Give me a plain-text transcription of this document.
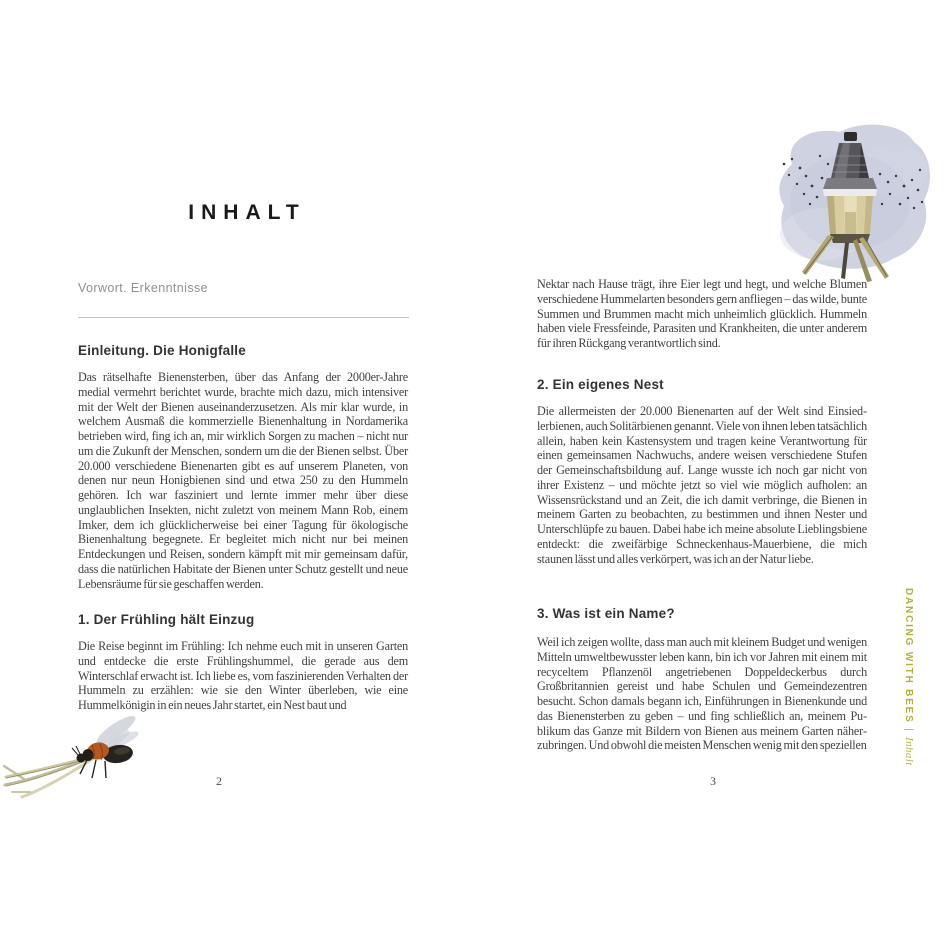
INHALT
Vorwort. Erkenntnisse
Einleitung. Die Honigfalle
Das rätselhafte Bienensterben, über das Anfang der 2000er-Jahre medial vermehrt berichtet wurde, brachte mich dazu, mich intensiver mit der Welt der Bienen auseinanderzusetzen. Als mir klar wurde, in welchem Ausmaß die kommerzielle Bienenhaltung in Nordamerika betrieben wird, fing ich an, mir wirklich Sorgen zu machen – nicht nur um die Zukunft der Menschen, sondern um die der Bienen selbst. Über 20.000 verschiedene Bienenarten gibt es auf unserem Planeten, von denen nur neun Honigbienen sind und etwa 250 zu den Hummeln gehören. Ich war fasziniert und lernte immer mehr über diese unglaublichen Insekten, nicht zuletzt von meinem Mann Rob, einem Imker, dem ich glücklicherweise bei einer Tagung für ökologische Bienenhaltung begegnete. Er begleitet mich nicht nur bei meinen Entdeckungen und Reisen, sondern kämpft mit mir gemeinsam dafür, dass die natürlichen Habitate der Bienen unter Schutz gestellt und neue Lebensräume für sie geschaffen werden.
1. Der Frühling hält Einzug
Die Reise beginnt im Frühling: Ich nehme euch mit in unseren Garten und entdecke die erste Frühlingshummel, die gerade aus dem Winterschlaf erwacht ist. Ich liebe es, vom faszinierenden Verhalten der Hummeln zu erzählen: wie sie den Winter überleben, wie eine Hummelkönigin in ein neues Jahr startet, ein Nest baut und
2
Nektar nach Hause trägt, ihre Eier legt und hegt, und welche Blumen verschiedene Hummelarten besonders gern anfliegen – das wilde, bunte Summen und Brummen macht mich unheimlich glücklich. Hummeln haben viele Fressfeinde, Parasiten und Krankheiten, die unter anderem für ihren Rückgang verantwortlich sind.
2. Ein eigenes Nest
Die allermeisten der 20.000 Bienenarten auf der Welt sind Einsiedlerbienen, auch Solitärbienen genannt. Viele von ihnen leben tatsächlich allein, haben kein Kastensystem und tragen keine Verantwortung für einen gemeinsamen Nachwuchs, andere weisen verschiedene Stufen der Gemeinschaftsbildung auf. Lange wusste ich noch gar nicht von ihrer Existenz – und möchte jetzt so viel wie möglich aufholen: an Wissensrückstand und an Zeit, die ich damit verbringe, die Bienen in meinem Garten zu beobachten, zu bestimmen und ihnen Nester und Unterschlüpfe zu bauen. Dabei habe ich meine absolute Lieblingsbiene entdeckt: die zweifärbige Schneckenhaus-Mauerbiene, die mich staunen lässt und alles verkörpert, was ich an der Natur liebe.
3. Was ist ein Name?
Weil ich zeigen wollte, dass man auch mit kleinem Budget und wenigen Mitteln umweltbewusster leben kann, bin ich vor Jahren mit einem mit recyceltem Pflanzenöl angetriebenen Doppeldeckerbus durch Großbritannien gereist und habe Schulen und Gemeindezentren besucht. Schon damals begann ich, Einführungen in Bienenkunde und das Bienensterben zu geben – und fing schließlich an, meinem Publikum das Ganze mit Bildern von Bienen aus meinem Garten näherzubringen. Und obwohl die meisten Menschen wenig mit den speziellen
3
DANCING WITH BEES | Inhalt
